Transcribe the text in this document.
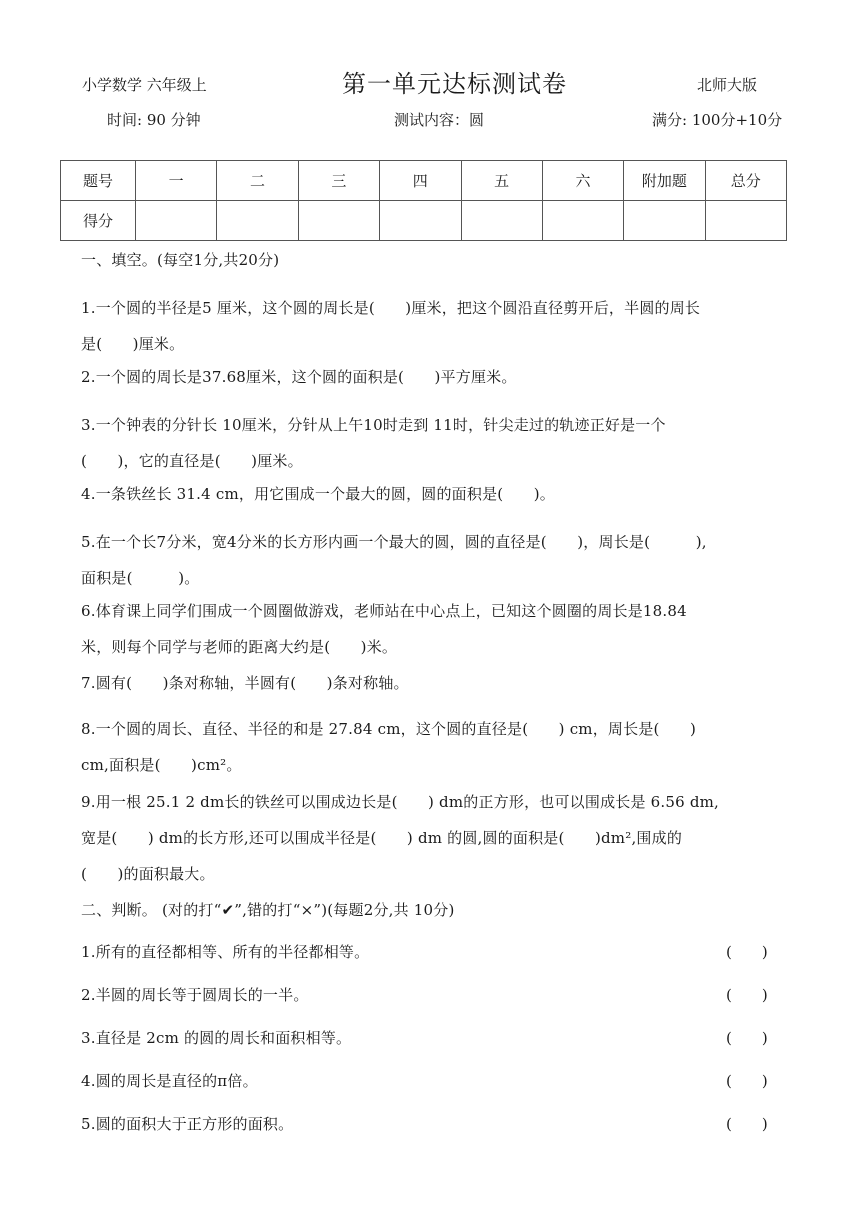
小学数学 六年级上	第一单元达标测试卷	北师大版
时间: 90 分钟	测试内容：圆	满分: 100分+10分
题号	一	二	三	四	五	六	附加题	总分
得分								
一、填空。(每空1分,共20分)
1.一个圆的半径是5 厘米，这个圆的周长是(　　)厘米，把这个圆沿直径剪开后，半圆的周长
是(　　)厘米。
2.一个圆的周长是37.68厘米，这个圆的面积是(　　)平方厘米。
3.一个钟表的分针长 10厘米，分针从上午10时走到 11时，针尖走过的轨迹正好是一个
(　　)，它的直径是(　　)厘米。
4.一条铁丝长 31.4 cm，用它围成一个最大的圆，圆的面积是(　　)。
5.在一个长7分米，宽4分米的长方形内画一个最大的圆，圆的直径是(　　)，周长是(　　　),
面积是(　　　)。
6.体育课上同学们围成一个圆圈做游戏，老师站在中心点上，已知这个圆圈的周长是18.84
米，则每个同学与老师的距离大约是(　　)米。
7.圆有(　　)条对称轴，半圆有(　　)条对称轴。
8.一个圆的周长、直径、半径的和是 27.84 cm，这个圆的直径是(　　) cm，周长是(　　)
cm,面积是(　　)cm²。
9.用一根 25.1 2 dm长的铁丝可以围成边长是(　　) dm的正方形，也可以围成长是 6.56 dm,
宽是(　　) dm的长方形,还可以围成半径是(　　) dm 的圆,圆的面积是(　　)dm²,围成的
(　　)的面积最大。
二、判断。 (对的打“✔”,错的打“×”)(每题2分,共 10分)
1.所有的直径都相等、所有的半径都相等。	(　　)
2.半圆的周长等于圆周长的一半。	(　　)
3.直径是 2cm 的圆的周长和面积相等。	(　　)
4.圆的周长是直径的π倍。	(　　)
5.圆的面积大于正方形的面积。	(　　)
